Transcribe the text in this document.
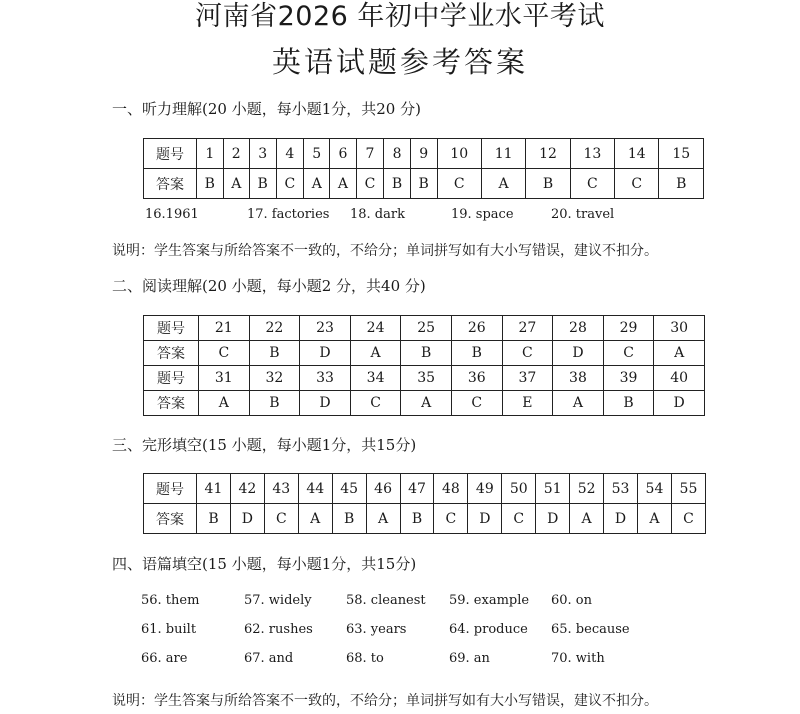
河南省2026 年初中学业水平考试
英语试题参考答案
一、听力理解(20 小题，每小题1分，共20 分)
题号	1	2	3	4	5	6	7	8	9	10	11	12	13	14	15
答案	B	A	B	C	A	A	C	B	B	C	A	B	C	C	B
16.1961	17. factories 18. dark	19. space	20. travel
说明：学生答案与所给答案不一致的，不给分；单词拼写如有大小写错误，建议不扣分。
二、阅读理解(20 小题，每小题2 分，共40 分)
题号	21	22	23	24	25	26	27	28	29	30
答案	C	B	D	A	B	B	C	D	C	A
题号	31	32	33	34	35	36	37	38	39	40
答案	A	B	D	C	A	C	E	A	B	D
三、完形填空(15 小题，每小题1分，共15分)
题号	41	42	43	44	45	46	47	48	49	50	51	52	53	54	55
答案	B	D	C	A	B	A	B	C	D	C	D	A	D	A	C
四、语篇填空(15 小题，每小题1分，共15分)
56. them	57. widely	58. cleanest 59. example 60. on
61. built	62. rushes	63. years	64. produce 65. because
66. are	67. and	68. to	69. an	70. with
说明：学生答案与所给答案不一致的，不给分；单词拼写如有大小写错误，建议不扣分。
